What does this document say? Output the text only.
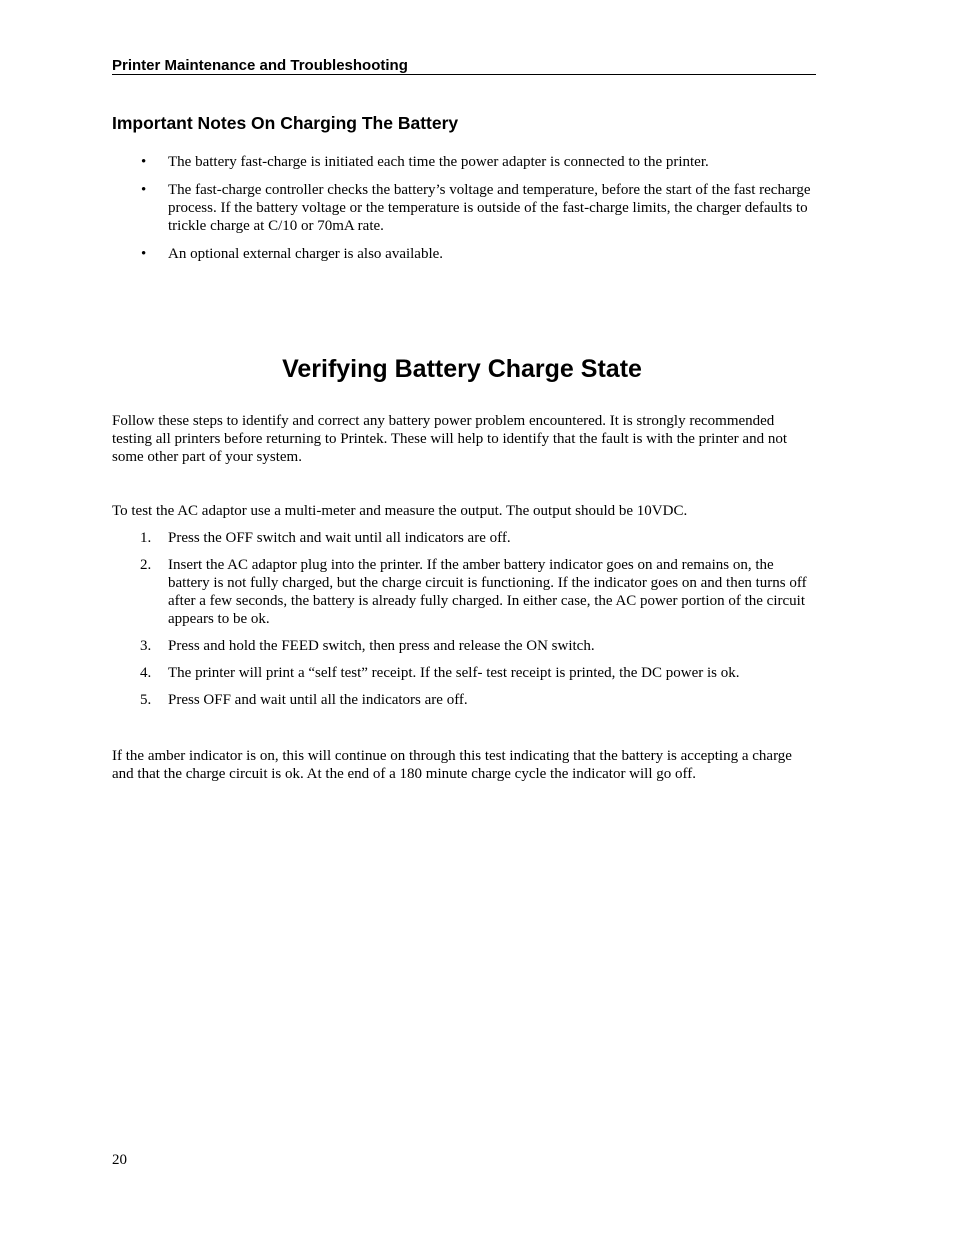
Printer Maintenance and Troubleshooting
Important Notes On Charging The Battery
• The battery fast-charge is initiated each time the power adapter is connected to the printer.
• The fast-charge controller checks the battery’s voltage and temperature, before the start of the fast recharge process. If the battery voltage or the temperature is outside of the fast-charge limits, the charger defaults to trickle charge at C/10 or 70mA rate.
• An optional external charger is also available.
Verifying Battery Charge State

Follow these steps to identify and correct any battery power problem encountered. It is strongly recommended testing all printers before returning to Printek. These will help to identify that the fault is with the printer and not some other part of your system.

To test the AC adaptor use a multi-meter and measure the output. The output should be 10VDC.

1. Press the OFF switch and wait until all indicators are off.
2. Insert the AC adaptor plug into the printer. If the amber battery indicator goes on and remains on, the battery is not fully charged, but the charge circuit is functioning. If the indicator goes on and then turns off after a few seconds, the battery is already fully charged. In either case, the AC power portion of the circuit appears to be ok.
3. Press and hold the FEED switch, then press and release the ON switch.
4. The printer will print a “self test” receipt. If the self- test receipt is printed, the DC power is ok.
5. Press OFF and wait until all the indicators are off.

If the amber indicator is on, this will continue on through this test indicating that the battery is accepting a charge and that the charge circuit is ok. At the end of a 180 minute charge cycle the indicator will go off.

20
